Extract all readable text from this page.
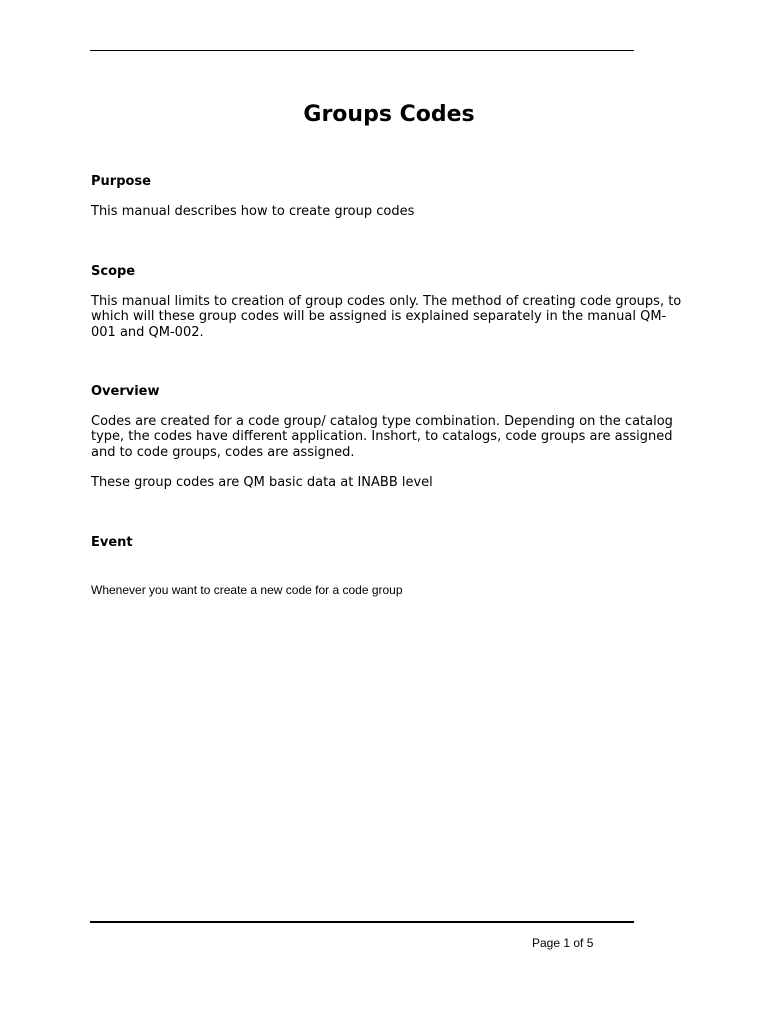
Groups Codes
Purpose

This manual describes how to create group codes

Scope

This manual limits to creation of group codes only. The method of creating code groups, to which will these group codes will be assigned is explained separately in the manual QM-001 and QM-002.

Overview

Codes are created for a code group/ catalog type combination. Depending on the catalog type, the codes have different application. Inshort, to catalogs, code groups are assigned and to code groups, codes are assigned.

These group codes are QM basic data at INABB level

Event

Whenever you want to create a new code for a code group

Page 1 of 5
